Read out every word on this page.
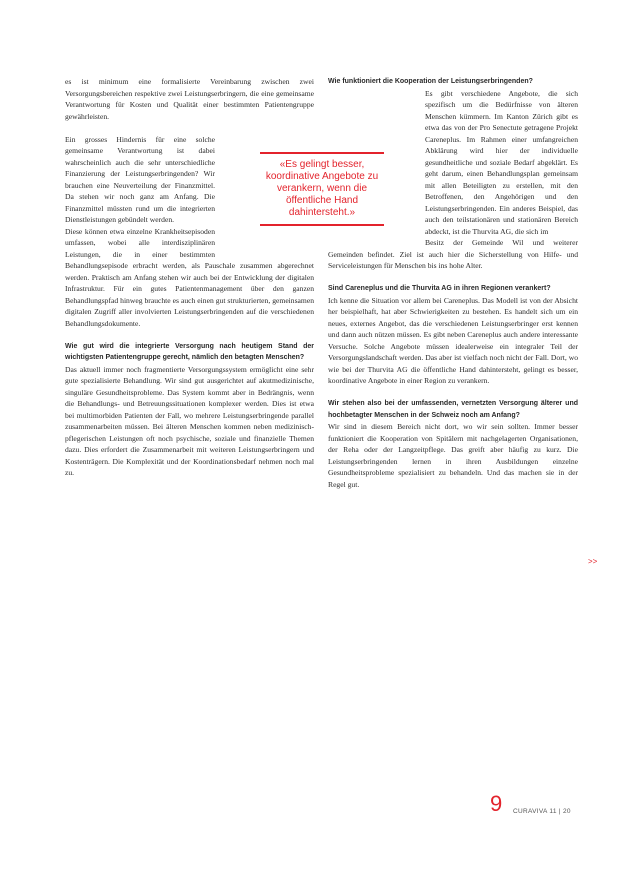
es ist minimum eine formalisierte Vereinbarung zwischen zwei Versorgungsbereichen respektive zwei Leistungserbringern, die eine gemeinsame Verantwortung für Kosten und Qualität einer bestimmten Patientengruppe gewährleisten.

Ein grosses Hindernis für eine solche gemeinsame Verantwortung ist dabei wahrscheinlich auch die sehr unterschiedliche Finanzierung der Leistungserbringenden? Wir brauchen eine Neuverteilung der Finanzmittel. Da stehen wir noch ganz am Anfang. Die Finanzmittel müssten rund um die integrierten Dienstleistungen gebündelt werden.

Diese können etwa einzelne Krankheitsepisoden umfassen, wobei alle interdisziplinären Leistungen, die in einer bestimmten Behandlungsepisode erbracht werden, als Pauschale zusammen abgerechnet werden. Praktisch am Anfang stehen wir auch bei der Entwicklung der digitalen Infrastruktur. Für ein gutes Patientenmanagement über den ganzen Behandlungspfad hinweg brauchte es auch einen gut strukturierten, gemeinsamen digitalen Zugriff aller involvierten Leistungserbringenden auf die verschiedenen Behandlungsdokumente.

Wie gut wird die integrierte Versorgung nach heutigem Stand der wichtigsten Patientengruppe gerecht, nämlich den betagten Menschen?

Das aktuell immer noch fragmentierte Versorgungssystem ermöglicht eine sehr gute spezialisierte Behandlung. Wir sind gut ausgerichtet auf akutmedizinische, singuläre Gesundheitsprobleme. Das System kommt aber in Bedrängnis, wenn die Behandlungs- und Betreuungssituationen komplexer werden. Dies ist etwa bei multimorbiden Patienten der Fall, wo mehrere Leistungserbringende parallel zusammenarbeiten müssen. Bei älteren Menschen kommen neben medizinisch-pflegerischen Leistungen oft noch psychische, soziale und finanzielle Themen dazu. Dies erfordert die Zusammenarbeit mit weiteren Leistungserbringern und Kostenträgern. Die Komplexität und der Koordinationsbedarf nehmen noch mal zu.

Wie funktioniert die Kooperation der Leistungserbringenden?

Es gibt verschiedene Angebote, die sich spezifisch um die Bedürfnisse von älteren Menschen kümmern. Im Kanton Zürich gibt es etwa das von der Pro Senectute getragene Projekt Careneplus. Im Rahmen einer umfangreichen Abklärung wird hier der individuelle gesundheitliche und soziale Bedarf abgeklärt. Es geht darum, einen Behandlungsplan gemeinsam mit allen Beteiligten zu erstellen, mit den Betroffenen, den Angehörigen und den Leistungserbringenden. Ein anderes Beispiel, das auch den teilstationären und stationären Bereich abdeckt, ist die Thurvita AG, die sich im

Besitz der Gemeinde Wil und weiterer Gemeinden befindet. Ziel ist auch hier die Sicherstellung von Hilfe- und Serviceleistungen für Menschen bis ins hohe Alter.

Sind Careneplus und die Thurvita AG in ihren Regionen verankert?

Ich kenne die Situation vor allem bei Careneplus. Das Modell ist von der Absicht her beispielhaft, hat aber Schwierigkeiten zu bestehen. Es handelt sich um ein neues, externes Angebot, das die verschiedenen Leistungserbringer erst kennen und dann auch nützen müssen. Es gibt neben Careneplus auch andere interessante Versuche. Solche Angebote müssen idealerweise ein integraler Teil der Versorgungslandschaft werden. Das aber ist vielfach noch nicht der Fall. Dort, wo wie bei der Thurvita AG die öffentliche Hand dahintersteht, gelingt es besser, koordinative Angebote in einer Region zu verankern.

Wir stehen also bei der umfassenden, vernetzten Versorgung älterer und hochbetagter Menschen in der Schweiz noch am Anfang?

Wir sind in diesem Bereich nicht dort, wo wir sein sollten. Immer besser funktioniert die Kooperation von Spitälern mit nachgelagerten Organisationen, der Reha oder der Langzeitpflege. Das greift aber häufig zu kurz. Die Leistungserbringenden lernen in ihren Ausbildungen einzelne Gesundheitsprobleme spezialisiert zu behandeln. Und das machen sie in der Regel gut.

«Es gelingt besser, koordinative Angebote zu verankern, wenn die öffentliche Hand dahintersteht.»
>>
9 CURAVIVA 11 | 20
